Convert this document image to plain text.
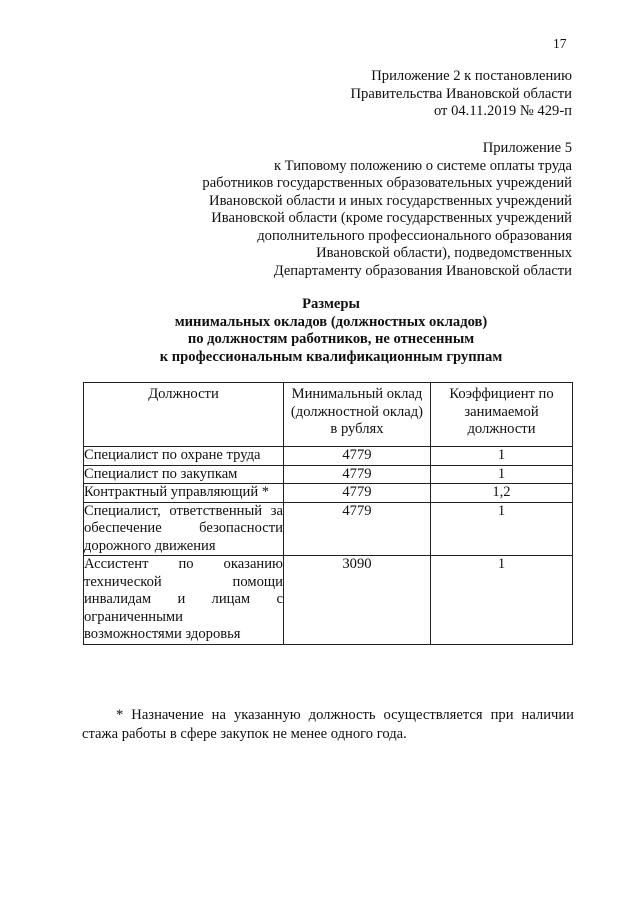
17
Приложение 2 к постановлению
Правительства Ивановской области
от 04.11.2019 № 429-п
Приложение 5
к Типовому положению о системе оплаты труда
работников государственных образовательных учреждений
Ивановской области и иных государственных учреждений
Ивановской области (кроме государственных учреждений
дополнительного профессионального образования
Ивановской области), подведомственных
Департаменту образования Ивановской области
Размеры
минимальных окладов (должностных окладов)
по должностям работников, не отнесенным
к профессиональным квалификационным группам
Должности	Минимальный оклад (должностной оклад) в рублях	Коэффициент по занимаемой должности
Специалист по охране труда	4779	1
Специалист по закупкам	4779	1
Контрактный управляющий *	4779	1,2
Специалист, ответственный за обеспечение безопасности дорожного движения	4779	1
Ассистент по оказанию технической помощи инвалидам и лицам с ограниченными возможностями здоровья	3090	1
* Назначение на указанную должность осуществляется при наличии стажа работы в сфере закупок не менее одного года.
